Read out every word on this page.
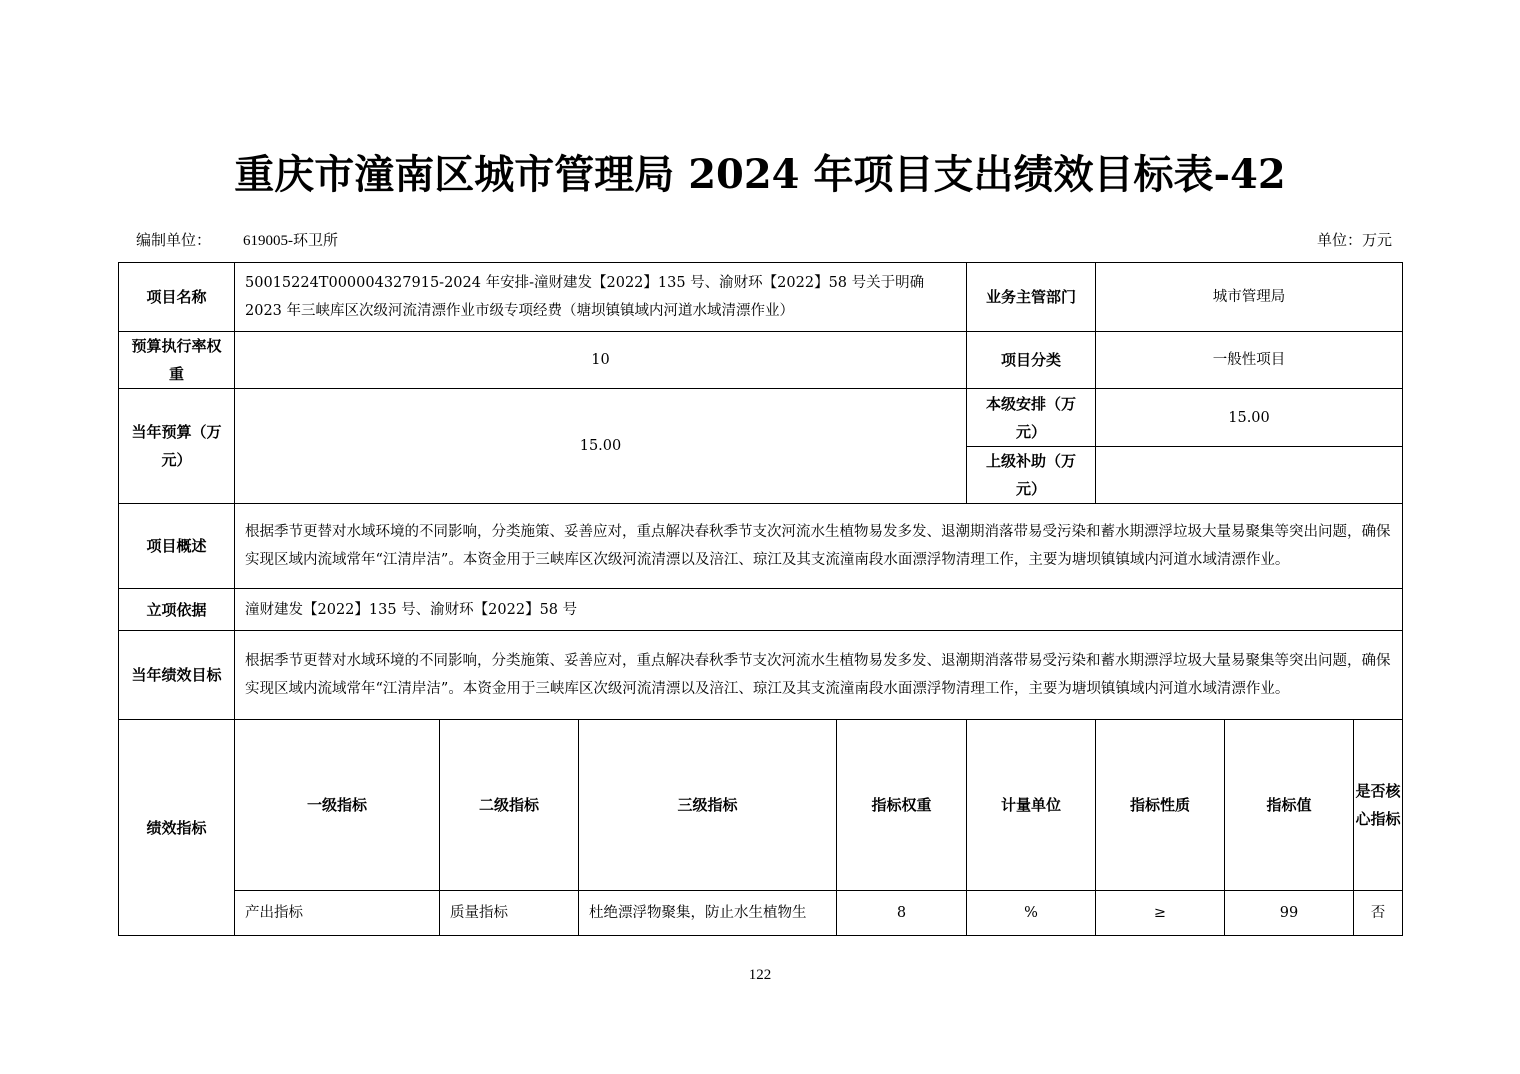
重庆市潼南区城市管理局 2024 年项目支出绩效目标表-42
编制单位： 619005-环卫所	单位：万元
项目名称	50015224T000004327915-2024 年安排-潼财建发【2022】135 号、渝财环【2022】58 号关于明确 2023 年三峡库区次级河流清漂作业市级专项经费（塘坝镇镇域内河道水域清漂作业）				业务主管部门	城市管理局		
预算执行率权重	10				项目分类	一般性项目		
当年预算（万元）	15.00				本级安排（万元）	15.00		
					上级补助（万元）			
项目概述	根据季节更替对水域环境的不同影响，分类施策、妥善应对，重点解决春秋季节支次河流水生植物易发多发、退潮期消落带易受污染和蓄水期漂浮垃圾大量易聚集等突出问题，确保实现区域内流域常年“江清岸洁”。本资金用于三峡库区次级河流清漂以及涪江、琼江及其支流潼南段水面漂浮物清理工作，主要为塘坝镇镇域内河道水域清漂作业。							
立项依据	潼财建发【2022】135 号、渝财环【2022】58 号							
当年绩效目标	根据季节更替对水域环境的不同影响，分类施策、妥善应对，重点解决春秋季节支次河流水生植物易发多发、退潮期消落带易受污染和蓄水期漂浮垃圾大量易聚集等突出问题，确保实现区域内流域常年“江清岸洁”。本资金用于三峡库区次级河流清漂以及涪江、琼江及其支流潼南段水面漂浮物清理工作，主要为塘坝镇镇域内河道水域清漂作业。							
绩效指标	一级指标	二级指标	三级指标	指标权重	计量单位	指标性质	指标值	是否核心指标
	产出指标	质量指标	杜绝漂浮物聚集，防止水生植物生	8	%	≥	99	否
122
